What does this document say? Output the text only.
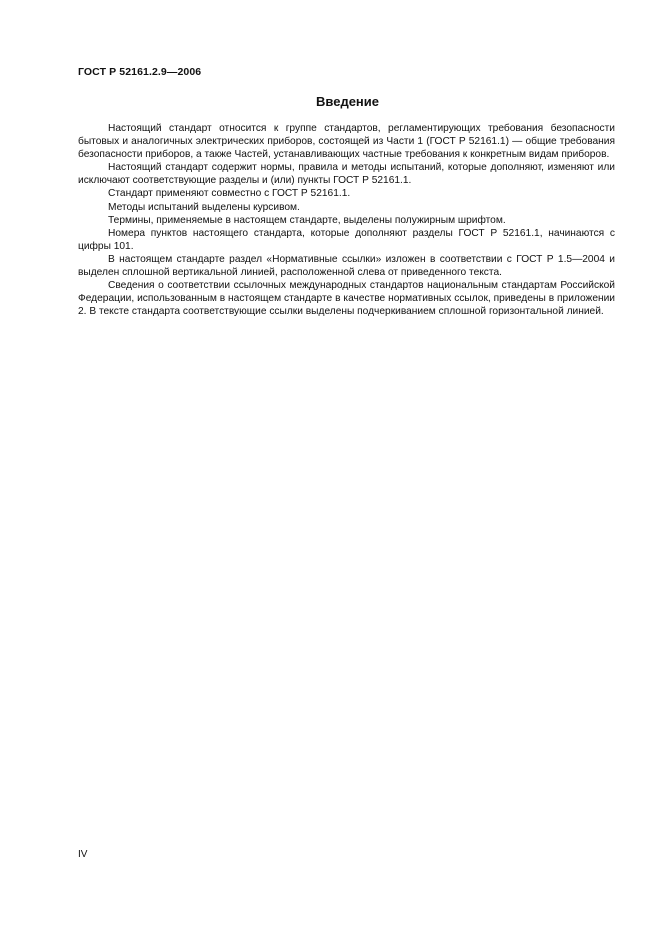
ГОСТ Р 52161.2.9—2006
Введение

Настоящий стандарт относится к группе стандартов, регламентирующих требования безопасности бытовых и аналогичных электрических приборов, состоящей из Части 1 (ГОСТ Р 52161.1) — общие требования безопасности приборов, а также Частей, устанавливающих частные требования к конкретным видам приборов.

Настоящий стандарт содержит нормы, правила и методы испытаний, которые дополняют, изменяют или исключают соответствующие разделы и (или) пункты ГОСТ Р 52161.1.

Стандарт применяют совместно с ГОСТ Р 52161.1.

Методы испытаний выделены курсивом.

Термины, применяемые в настоящем стандарте, выделены полужирным шрифтом.

Номера пунктов настоящего стандарта, которые дополняют разделы ГОСТ Р 52161.1, начинаются с цифры 101.

В настоящем стандарте раздел «Нормативные ссылки» изложен в соответствии с ГОСТ Р 1.5—2004 и выделен сплошной вертикальной линией, расположенной слева от приведенного текста.

Сведения о соответствии ссылочных международных стандартов национальным стандартам Российской Федерации, использованным в настоящем стандарте в качестве нормативных ссылок, приведены в приложении 2. В тексте стандарта соответствующие ссылки выделены подчеркиванием сплошной горизонтальной линией.

IV
